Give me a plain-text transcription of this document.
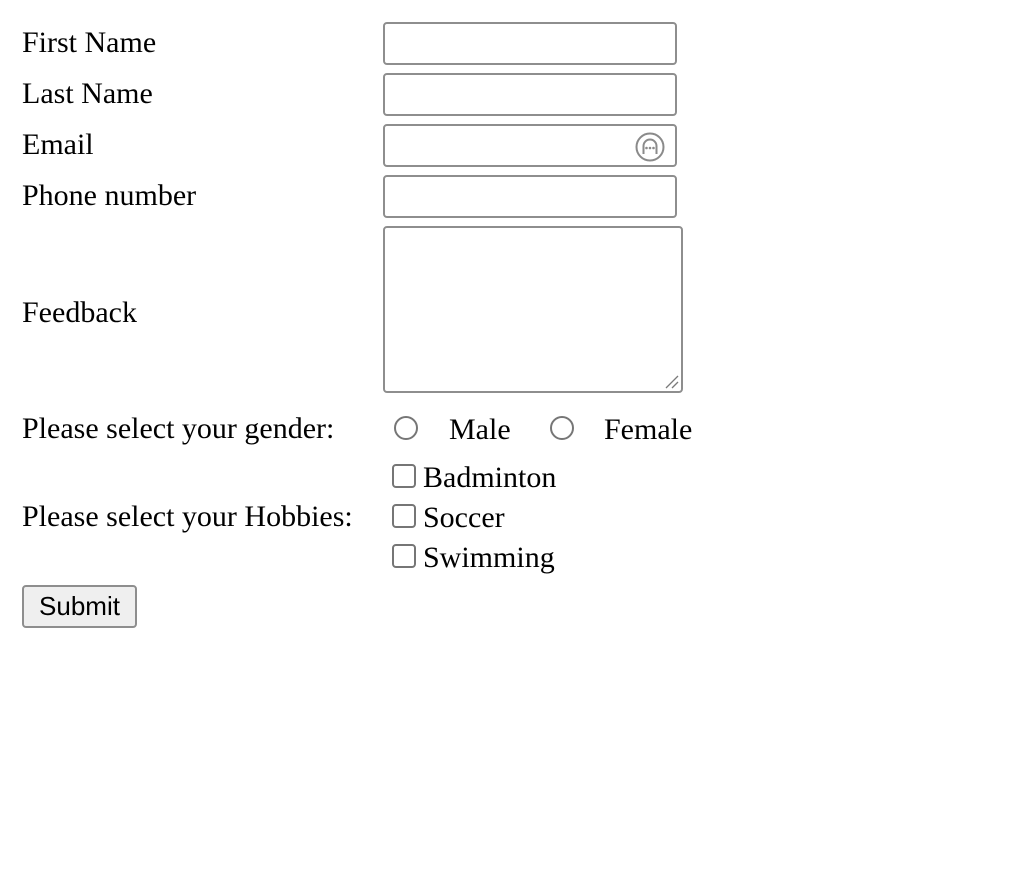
First Name
Last Name
Email
Phone number
Feedback
Please select your gender:	Male	Female
Please select your Hobbies:
Badminton
Soccer
Swimming
Submit
